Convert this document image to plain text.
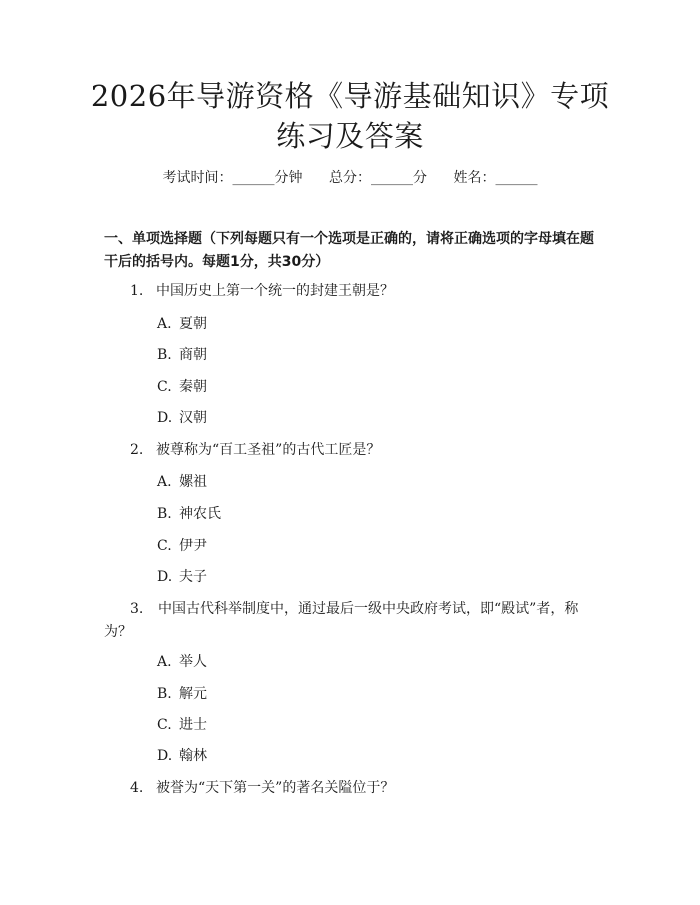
2026年导游资格《导游基础知识》专项练习及答案
考试时间：______分钟 总分：______分 姓名：______

一、单项选择题（下列每题只有一个选项是正确的，请将正确选项的字母填在题干后的括号内。每题1分，共30分）

1. 中国历史上第一个统一的封建王朝是？
A. 夏朝
B. 商朝
C. 秦朝
D. 汉朝
2. 被尊称为“百工圣祖”的古代工匠是？
A. 嫘祖
B. 神农氏
C. 伊尹
D. 夫子
3. 中国古代科举制度中，通过最后一级中央政府考试，即“殿试”者，称为？
A. 举人
B. 解元
C. 进士
D. 翰林
4. 被誉为“天下第一关”的著名关隘位于？
